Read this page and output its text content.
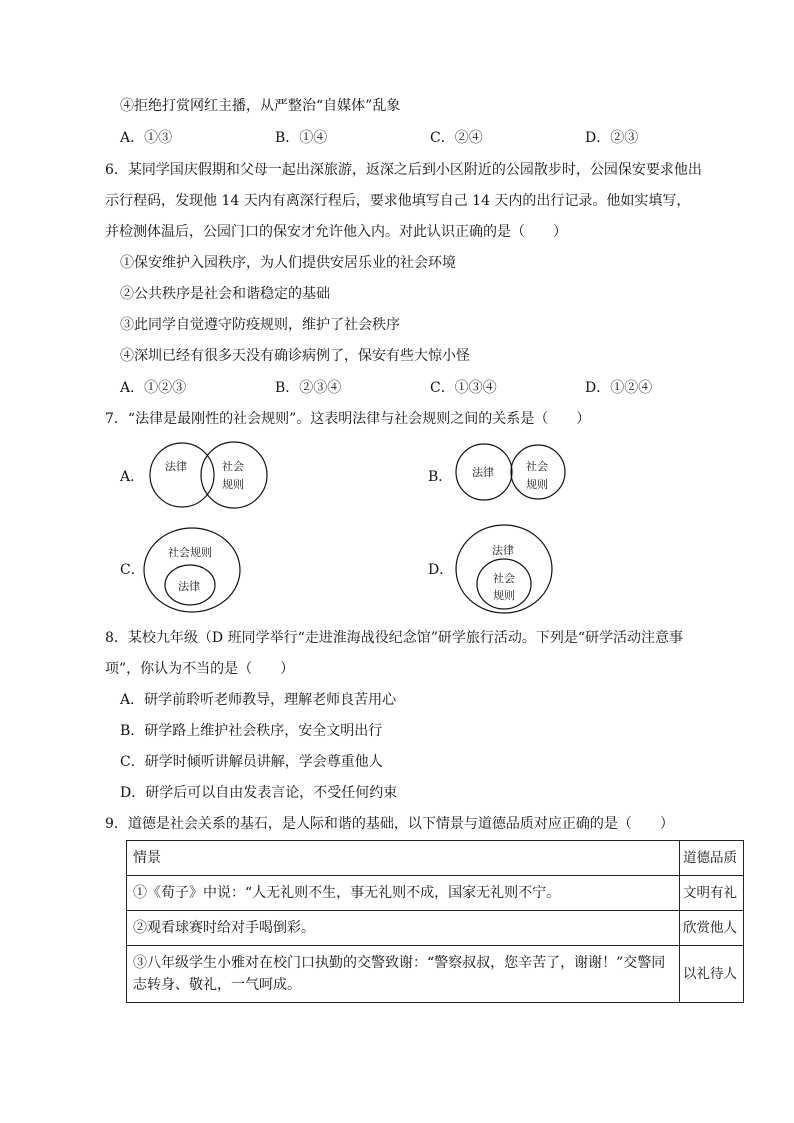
④拒绝打赏网红主播，从严整治“自媒体”乱象
A．①③	B．①④	C．②④	D．②③
6．某同学国庆假期和父母一起出深旅游，返深之后到小区附近的公园散步时，公园保安要求他出
示行程码，发现他 14 天内有离深行程后，要求他填写自己 14 天内的出行记录。他如实填写，
并检测体温后，公园门口的保安才允许他入内。对此认识正确的是（　　）
①保安维护入园秩序，为人们提供安居乐业的社会环境
②公共秩序是社会和谐稳定的基础
③此同学自觉遵守防疫规则，维护了社会秩序
④深圳已经有很多天没有确诊病例了，保安有些大惊小怪
A．①②③	B．②③④	C．①③④	D．①②④
7．“法律是最刚性的社会规则”。这表明法律与社会规则之间的关系是（　　）
A．
法律	社会
规则	B． 法律	社会
规则
C．
社会规则
法律
D．
法律
社会
规则
8．某校九年级（D 班同学举行“走进淮海战役纪念馆”研学旅行活动。下列是“研学活动注意事
项”，你认为不当的是（　　）
A．研学前聆听老师教导，理解老师良苦用心
B．研学路上维护社会秩序，安全文明出行
C．研学时倾听讲解员讲解，学会尊重他人
D．研学后可以自由发表言论，不受任何约束
9．道德是社会关系的基石，是人际和谐的基础，以下情景与道德品质对应正确的是（　　）
情景	道德品质
①《荀子》中说：“人无礼则不生，事无礼则不成，国家无礼则不宁。	文明有礼
②观看球赛时给对手喝倒彩。	欣赏他人
③八年级学生小雅对在校门口执勤的交警致谢：“警察叔叔，您辛苦了，谢谢！”交警同志转身、敬礼，一气呵成。	以礼待人
